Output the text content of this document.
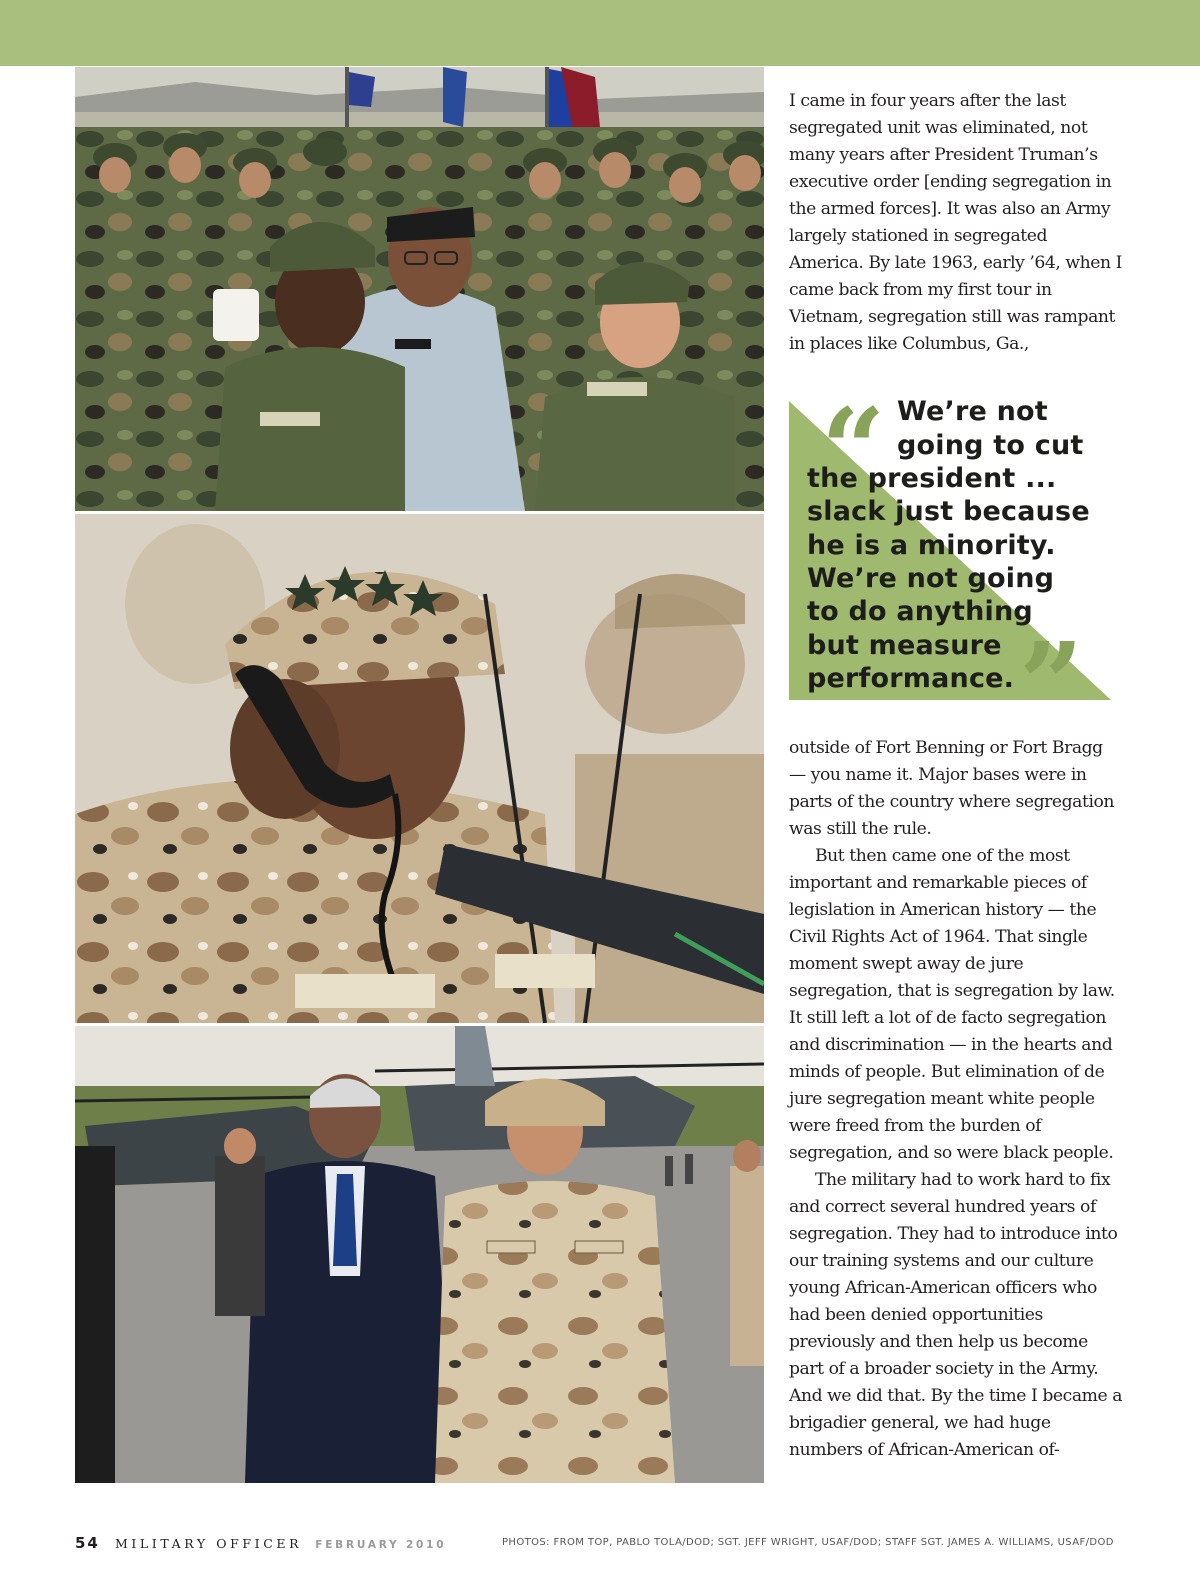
I came in four years after the last segregated unit was eliminated, not many years after President Truman’s executive order [ending segregation in the armed forces]. It was also an Army largely stationed in segregated America. By late 1963, early ’64, when I came back from my first tour in Vietnam, segregation still was rampant in places like Columbus, Ga.,

“
”
We’re not
going to cut
the president ...
slack just because
he is a minority.
We’re not going
to do anything
but measure
performance.

outside of Fort Benning or Fort Bragg — you name it. Major bases were in parts of the country where segregation was still the rule.

But then came one of the most important and remarkable pieces of legislation in American history — the Civil Rights Act of 1964. That single moment swept away de jure segregation, that is segregation by law. It still left a lot of de facto segregation and discrimination — in the hearts and minds of people. But elimination of de jure segregation meant white people were freed from the burden of segregation, and so were black people.

The military had to work hard to fix and correct several hundred years of segregation. They had to introduce into our training systems and our culture young African-American officers who had been denied opportunities previously and then help us become part of a broader society in the Army. And we did that. By the time I became a brigadier general, we had huge numbers of African-American of-

54 MILITARY OFFICER FEBRUARY 2010	PHOTOS: FROM TOP, PABLO TOLA/DOD; SGT. JEFF WRIGHT, USAF/DOD; STAFF SGT. JAMES A. WILLIAMS, USAF/DOD
